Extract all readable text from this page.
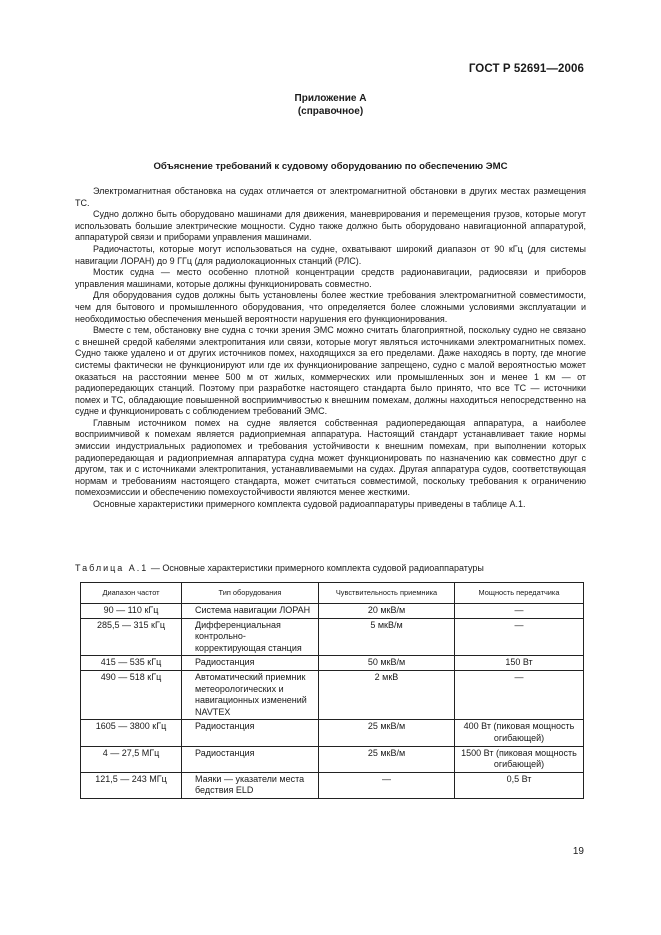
ГОСТ Р 52691—2006
Приложение А
(справочное)
Объяснение требований к судовому оборудованию по обеспечению ЭМС

Электромагнитная обстановка на судах отличается от электромагнитной обстановки в других местах размещения ТС.

Судно должно быть оборудовано машинами для движения, маневрирования и перемещения грузов, которые могут использовать большие электрические мощности. Судно также должно быть оборудовано навигационной аппаратурой, аппаратурой связи и приборами управления машинами.

Радиочастоты, которые могут использоваться на судне, охватывают широкий диапазон от 90 кГц (для системы навигации ЛОРАН) до 9 ГГц (для радиолокационных станций (РЛС).

Мостик судна — место особенно плотной концентрации средств радионавигации, радиосвязи и приборов управления машинами, которые должны функционировать совместно.

Для оборудования судов должны быть установлены более жесткие требования электромагнитной совместимости, чем для бытового и промышленного оборудования, что определяется более сложными условиями эксплуатации и необходимостью обеспечения меньшей вероятности нарушения его функционирования.

Вместе с тем, обстановку вне судна с точки зрения ЭМС можно считать благоприятной, поскольку судно не связано с внешней средой кабелями электропитания или связи, которые могут являться источниками электромагнитных помех. Судно также удалено и от других источников помех, находящихся за его пределами. Даже находясь в порту, где многие системы фактически не функционируют или где их функционирование запрещено, судно с малой вероятностью может оказаться на расстоянии менее 500 м от жилых, коммерческих или промышленных зон и менее 1 км — от радиопередающих станций. Поэтому при разработке настоящего стандарта было принято, что все ТС — источники помех и ТС, обладающие повышенной восприимчивостью к внешним помехам, должны находиться непосредственно на судне и функционировать с соблюдением требований ЭМС.

Главным источником помех на судне является собственная радиопередающая аппаратура, а наиболее восприимчивой к помехам является радиоприемная аппаратура. Настоящий стандарт устанавливает такие нормы эмиссии индустриальных радиопомех и требования устойчивости к внешним помехам, при выполнении которых радиопередающая и радиоприемная аппаратура судна может функционировать по назначению как совместно друг с другом, так и с источниками электропитания, устанавливаемыми на судах. Другая аппаратура судов, соответствующая нормам и требованиям настоящего стандарта, может считаться совместимой, поскольку требования к ограничению помехоэмиссии и обеспечению помехоустойчивости являются менее жесткими.

Основные характеристики примерного комплекта судовой радиоаппаратуры приведены в таблице А.1.

Таблица А.1 — Основные характеристики примерного комплекта судовой радиоаппаратуры
Диапазон частот	Тип оборудования	Чувствительность приемника	Мощность передатчика
90 — 110 кГц	Система навигации ЛОРАН	20 мкВ/м	—
285,5 — 315 кГц	Дифференциальная контрольно-корректирующая станция	5 мкВ/м	—
415 — 535 кГц	Радиостанция	50 мкВ/м	150 Вт
490 — 518 кГц	Автоматический приемник метеорологических и навигационных изменений NAVTEX	2 мкВ	—
1605 — 3800 кГц	Радиостанция	25 мкВ/м	400 Вт (пиковая мощность огибающей)
4 — 27,5 МГц	Радиостанция	25 мкВ/м	1500 Вт (пиковая мощность огибающей)
121,5 — 243 МГц	Маяки — указатели места бедствия ELD	—	0,5 Вт
19
